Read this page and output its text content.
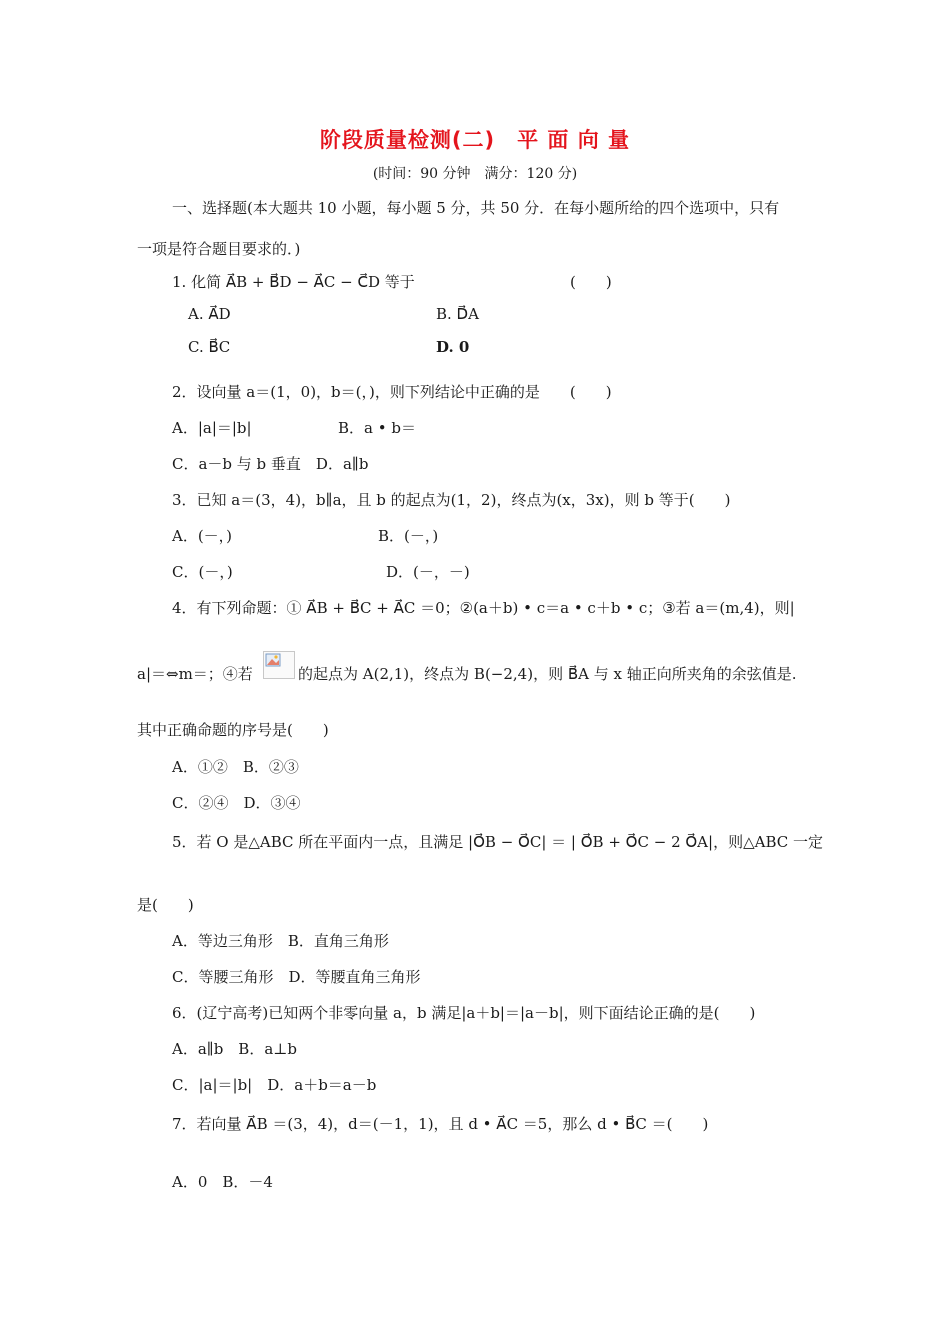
阶段质量检测(二)　平 面 向 量
(时间：90 分钟　满分：120 分)
一、选择题(本大题共 10 小题，每小题 5 分，共 50 分．在每小题所给的四个选项中，只有
一项是符合题目要求的．)
1. 化简 A⃗B + B⃗D − A⃗C − C⃗D 等于	(　　)
A. A⃗D	B. D⃗A
C. B⃗C	D. 0
2．设向量 a＝(1，0)，b＝(，)，则下列结论中正确的是　　(　　)
A．|a|＝|b|	B．a • b＝
C．a－b 与 b 垂直　D．a∥b
3．已知 a＝(3，4)，b∥a，且 b 的起点为(1，2)，终点为(x，3x)，则 b 等于(　　)
A．(－，)	B．(－，)
C．(－，)	D．(－，－)
4．有下列命题：① A⃗B + B⃗C + A⃗C ＝0；②(a＋b) • c＝a • c＋b • c；③若 a＝(m,4)，则|
a|＝⇔m＝；④若	的起点为 A(2,1)，终点为 B(−2,4)，则 B⃗A 与 x 轴正向所夹角的余弦值是.
其中正确命题的序号是(　　)
A．①②　B．②③
C．②④　D．③④
5．若 O 是△ABC 所在平面内一点，且满足 |O⃗B − O⃗C| ＝ | O⃗B + O⃗C − 2 O⃗A|，则△ABC 一定
是(　　)
A．等边三角形　B．直角三角形
C．等腰三角形　D．等腰直角三角形
6．(辽宁高考)已知两个非零向量 a，b 满足|a＋b|＝|a－b|，则下面结论正确的是(　　)
A．a∥b　B．a⊥b
C．|a|＝|b|　D．a＋b＝a－b
7．若向量 A⃗B ＝(3，4)，d＝(－1，1)，且 d • A⃗C ＝5，那么 d • B⃗C ＝(　　)
A．0　B．－4
